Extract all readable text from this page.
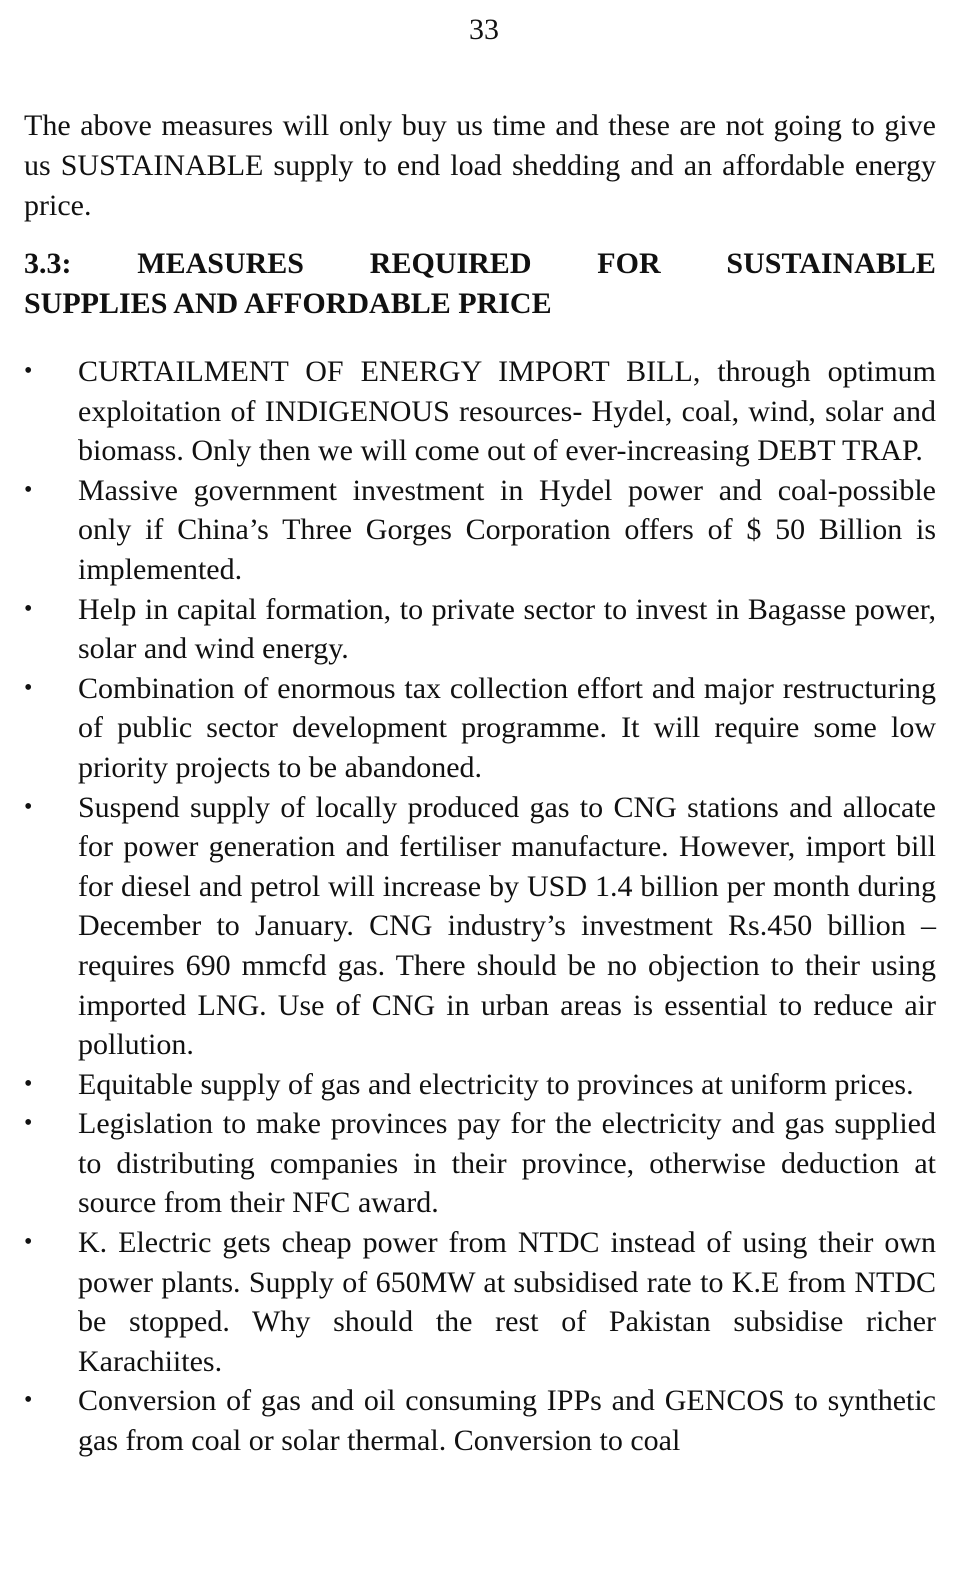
33

The above measures will only buy us time and these are not going to give us SUSTAINABLE supply to end load shedding and an affordable energy price.

3.3: MEASURES REQUIRED FOR SUSTAINABLE
SUPPLIES AND AFFORDABLE PRICE
• CURTAILMENT OF ENERGY IMPORT BILL, through optimum exploitation of INDIGENOUS resources- Hydel, coal, wind, solar and biomass. Only then we will come out of ever-increasing DEBT TRAP.
• Massive government investment in Hydel power and coal-possible only if China’s Three Gorges Corporation offers of $ 50 Billion is implemented.
• Help in capital formation, to private sector to invest in Bagasse power, solar and wind energy.
• Combination of enormous tax collection effort and major restructuring of public sector development programme. It will require some low priority projects to be abandoned.
• Suspend supply of locally produced gas to CNG stations and allocate for power generation and fertiliser manufacture. However, import bill for diesel and petrol will increase by USD 1.4 billion per month during December to January. CNG industry’s investment Rs.450 billion – requires 690 mmcfd gas. There should be no objection to their using imported LNG. Use of CNG in urban areas is essential to reduce air pollution.
• Equitable supply of gas and electricity to provinces at uniform prices.
• Legislation to make provinces pay for the electricity and gas supplied to distributing companies in their province, otherwise deduction at source from their NFC award.
• K. Electric gets cheap power from NTDC instead of using their own power plants. Supply of 650MW at subsidised rate to K.E from NTDC be stopped. Why should the rest of Pakistan subsidise richer Karachiites.
• Conversion of gas and oil consuming IPPs and GENCOS to synthetic gas from coal or solar thermal. Conversion to coal
